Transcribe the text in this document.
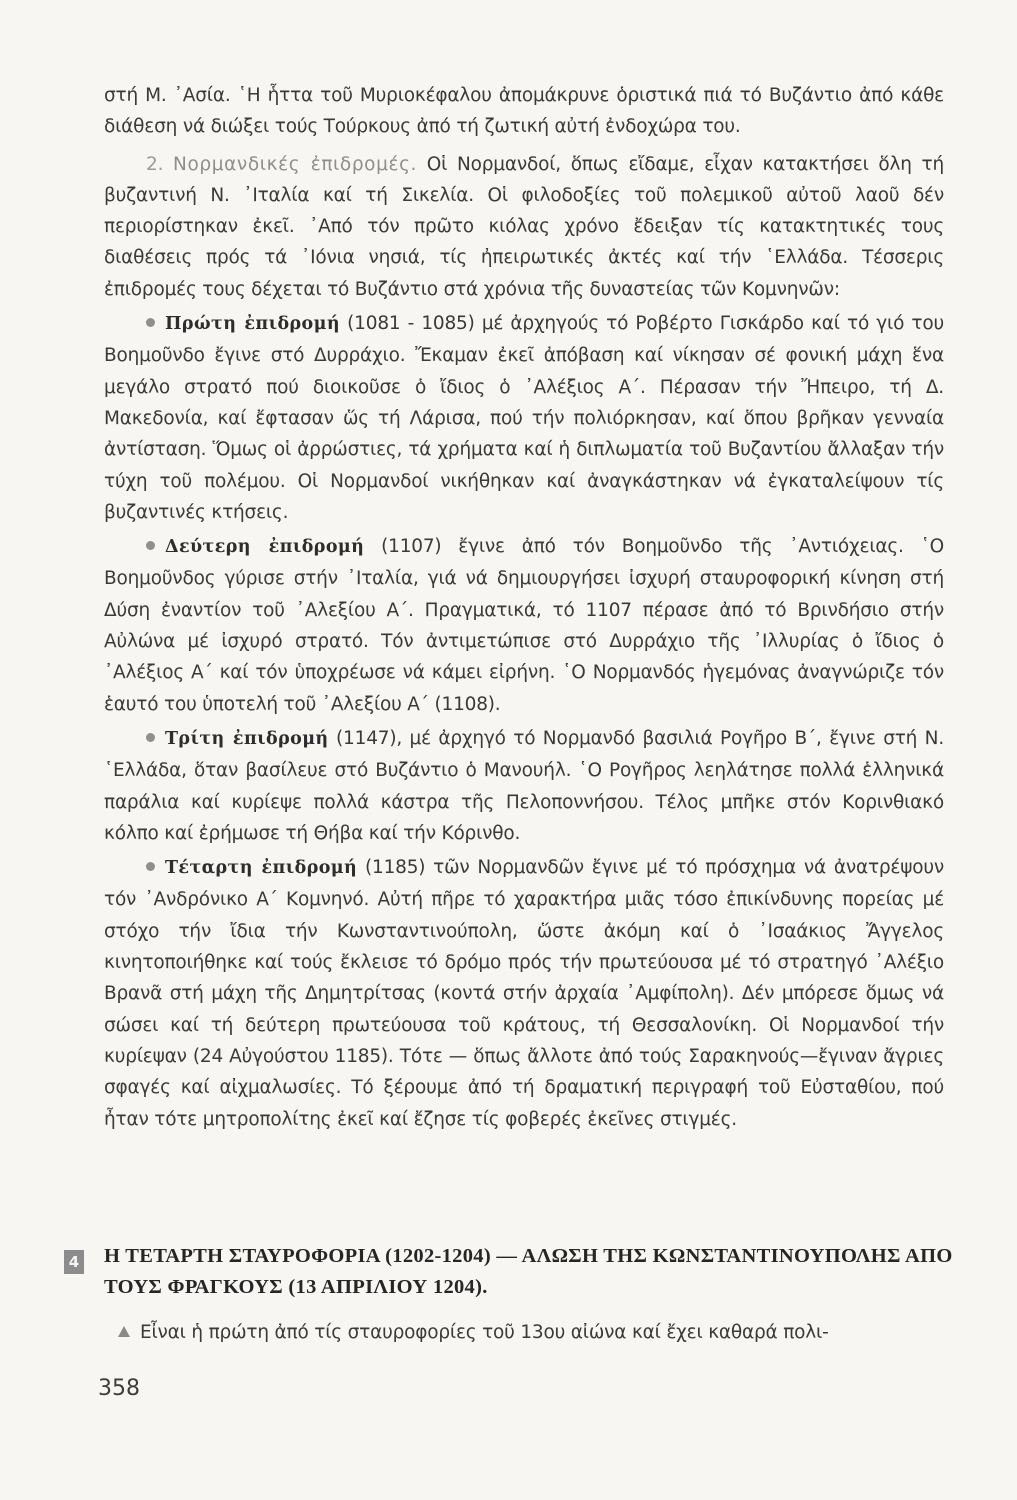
στή Μ. ᾽Ασία. ῾Η ἧττα τοῦ Μυριοκέφαλου ἀπομάκρυνε ὁριστικά πιά τό Βυζάντιο ἀπό κάθε διάθεση νά διώξει τούς Τούρκους ἀπό τή ζωτική αὐτή ἐνδοχώρα του.

2. Νορμανδικές ἐπιδρομές. Οἱ Νορμανδοί, ὅπως εἴδαμε, εἶχαν κατακτήσει ὅλη τή βυζαντινή Ν. ᾽Ιταλία καί τή Σικελία. Οἱ φιλοδοξίες τοῦ πολεμικοῦ αὐτοῦ λαοῦ δέν περιορίστηκαν ἐκεῖ. ᾽Από τόν πρῶτο κιόλας χρόνο ἔδειξαν τίς κατακτητικές τους διαθέσεις πρός τά ᾽Ιόνια νησιά, τίς ἠπειρωτικές ἀκτές καί τήν ῾Ελλάδα. Τέσσερις ἐπιδρομές τους δέχεται τό Βυζάντιο στά χρόνια τῆς δυναστείας τῶν Κομνηνῶν:

Πρώτη ἐπιδρομή (1081 - 1085) μέ ἀρχηγούς τό Ροβέρτο Γισκάρδο καί τό γιό του Βοημοῦνδο ἔγινε στό Δυρράχιο. Ἔκαμαν ἐκεῖ ἀπόβαση καί νίκησαν σέ φονική μάχη ἕνα μεγάλο στρατό πού διοικοῦσε ὁ ἴδιος ὁ ᾽Αλέξιος Α΄. Πέρασαν τήν Ἤπειρο, τή Δ. Μακεδονία, καί ἔφτασαν ὥς τή Λάρισα, πού τήν πολιόρκησαν, καί ὅπου βρῆκαν γενναία ἀντίσταση. Ὅμως οἱ ἀρρώστιες, τά χρήματα καί ἡ διπλωματία τοῦ Βυζαντίου ἄλλαξαν τήν τύχη τοῦ πολέμου. Οἱ Νορμανδοί νικήθηκαν καί ἀναγκάστηκαν νά ἐγκαταλείψουν τίς βυζαντινές κτήσεις.

Δεύτερη ἐπιδρομή (1107) ἔγινε ἀπό τόν Βοημοῦνδο τῆς ᾽Αντιόχειας. ῾Ο Βοημοῦνδος γύρισε στήν ᾽Ιταλία, γιά νά δημιουργήσει ἰσχυρή σταυροφορική κίνηση στή Δύση ἐναντίον τοῦ ᾽Αλεξίου Α΄. Πραγματικά, τό 1107 πέρασε ἀπό τό Βρινδήσιο στήν Αὐλώνα μέ ἰσχυρό στρατό. Τόν ἀντιμετώπισε στό Δυρράχιο τῆς ᾽Ιλλυρίας ὁ ἴδιος ὁ ᾽Αλέξιος Α΄ καί τόν ὑποχρέωσε νά κάμει εἰρήνη. ῾Ο Νορμανδός ἡγεμόνας ἀναγνώριζε τόν ἑαυτό του ὑποτελή τοῦ ᾽Αλεξίου Α΄ (1108).

Τρίτη ἐπιδρομή (1147), μέ ἀρχηγό τό Νορμανδό βασιλιά Ρογῆρο Β΄, ἔγινε στή Ν. ῾Ελλάδα, ὅταν βασίλευε στό Βυζάντιο ὁ Μανουήλ. ῾Ο Ρογῆρος λεηλάτησε πολλά ἑλληνικά παράλια καί κυρίεψε πολλά κάστρα τῆς Πελοποννήσου. Τέλος μπῆκε στόν Κορινθιακό κόλπο καί ἐρήμωσε τή Θήβα καί τήν Κόρινθο.

Τέταρτη ἐπιδρομή (1185) τῶν Νορμανδῶν ἔγινε μέ τό πρόσχημα νά ἀνατρέψουν τόν ᾽Ανδρόνικο Α΄ Κομνηνό. Αὐτή πῆρε τό χαρακτήρα μιᾶς τόσο ἐπικίνδυνης πορείας μέ στόχο τήν ἴδια τήν Κωνσταντινούπολη, ὥστε ἀκόμη καί ὁ ᾽Ισαάκιος Ἄγγελος κινητοποιήθηκε καί τούς ἔκλεισε τό δρόμο πρός τήν πρωτεύουσα μέ τό στρατηγό ᾽Αλέξιο Βρανᾶ στή μάχη τῆς Δημητρίτσας (κοντά στήν ἀρχαία ᾽Αμφίπολη). Δέν μπόρεσε ὅμως νά σώσει καί τή δεύτερη πρωτεύουσα τοῦ κράτους, τή Θεσσαλονίκη. Οἱ Νορμανδοί τήν κυρίεψαν (24 Αὐγούστου 1185). Τότε — ὅπως ἄλλοτε ἀπό τούς Σαρακηνούς—ἔγιναν ἄγριες σφαγές καί αἰχμαλωσίες. Τό ξέρουμε ἀπό τή δραματική περιγραφή τοῦ Εὐσταθίου, πού ἦταν τότε μητροπολίτης ἐκεῖ καί ἔζησε τίς φοβερές ἐκεῖνες στιγμές.

4 Η ΤΕΤΑΡΤΗ ΣΤΑΥΡΟΦΟΡΙΑ (1202-1204) — ΑΛΩΣΗ ΤΗΣ ΚΩΝΣΤΑΝΤΙΝΟΥΠΟΛΗΣ ΑΠΟ ΤΟΥΣ ΦΡΑΓΚΟΥΣ (13 ΑΠΡΙΛΙΟΥ 1204).

Εἶναι ἡ πρώτη ἀπό τίς σταυροφορίες τοῦ 13ου αἰώνα καί ἔχει καθαρά πολι-

358
